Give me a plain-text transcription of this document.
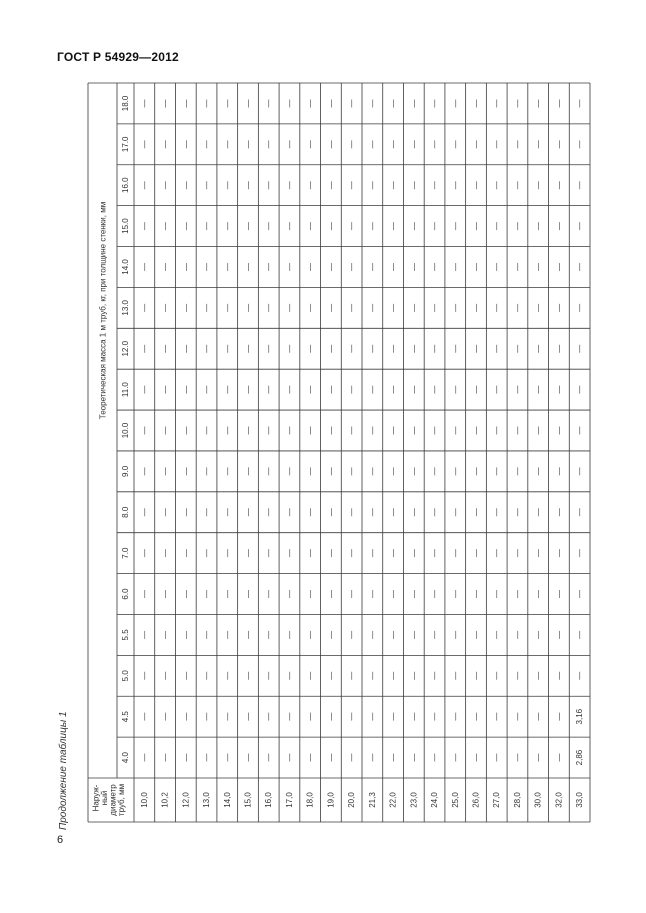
ГОСТ Р 54929—2012
Продолжение таблицы 1
6
Теоретическая масса 1 м труб, кг, при толщине стенки, мм
Наруж- ный диаметр труб, мм
4.0
4.5
5.0
5.5
6.0
7.0
8.0
9.0
10.0
11.0
12.0
13.0
14.0
15.0
16.0
17.0
18.0
10,0
—
—
—
—
—
—
—
—
—
—
—
—
—
—
—
—
—
10,2
—
—
—
—
—
—
—
—
—
—
—
—
—
—
—
—
—
12,0
—
—
—
—
—
—
—
—
—
—
—
—
—
—
—
—
—
13,0
—
—
—
—
—
—
—
—
—
—
—
—
—
—
—
—
—
14,0
—
—
—
—
—
—
—
—
—
—
—
—
—
—
—
—
—
15,0
—
—
—
—
—
—
—
—
—
—
—
—
—
—
—
—
—
16,0
—
—
—
—
—
—
—
—
—
—
—
—
—
—
—
—
—
17,0
—
—
—
—
—
—
—
—
—
—
—
—
—
—
—
—
—
18,0
—
—
—
—
—
—
—
—
—
—
—
—
—
—
—
—
—
19,0
—
—
—
—
—
—
—
—
—
—
—
—
—
—
—
—
—
20,0
—
—
—
—
—
—
—
—
—
—
—
—
—
—
—
—
—
21,3
—
—
—
—
—
—
—
—
—
—
—
—
—
—
—
—
—
22,0
—
—
—
—
—
—
—
—
—
—
—
—
—
—
—
—
—
23,0
—
—
—
—
—
—
—
—
—
—
—
—
—
—
—
—
—
24,0
—
—
—
—
—
—
—
—
—
—
—
—
—
—
—
—
—
25,0
—
—
—
—
—
—
—
—
—
—
—
—
—
—
—
—
—
26,0
—
—
—
—
—
—
—
—
—
—
—
—
—
—
—
—
—
27,0
—
—
—
—
—
—
—
—
—
—
—
—
—
—
—
—
—
28,0
—
—
—
—
—
—
—
—
—
—
—
—
—
—
—
—
—
30,0
—
—
—
—
—
—
—
—
—
—
—
—
—
—
—
—
—
32,0
—
—
—
—
—
—
—
—
—
—
—
—
—
—
—
—
—
33,0
2,86
3,16
—
—
—
—
—
—
—
—
—
—
—
—
—
—
—
